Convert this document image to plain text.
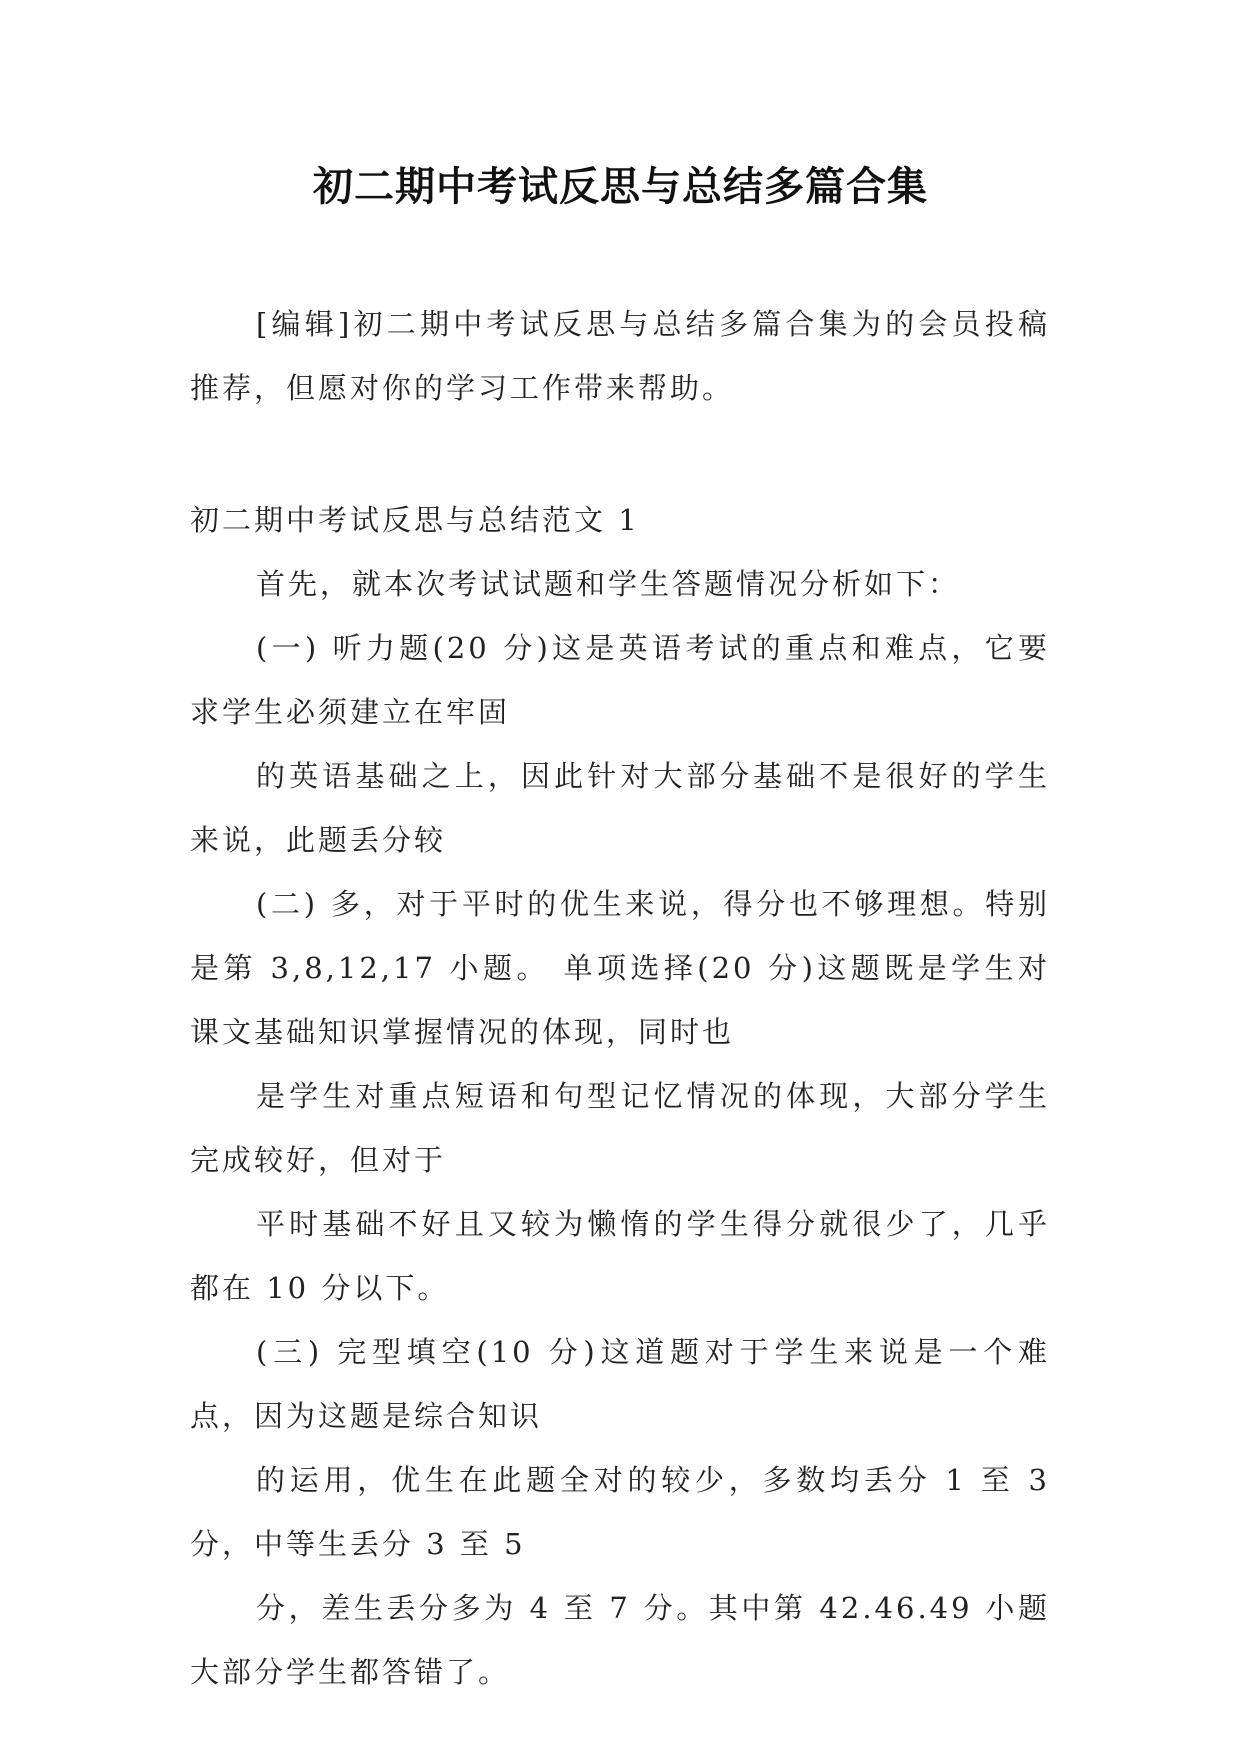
初二期中考试反思与总结多篇合集

[编辑]初二期中考试反思与总结多篇合集为的会员投稿推荐，但愿对你的学习工作带来帮助。

初二期中考试反思与总结范文 1

首先，就本次考试试题和学生答题情况分析如下：

(一) 听力题(20 分)这是英语考试的重点和难点，它要求学生必须建立在牢固

的英语基础之上，因此针对大部分基础不是很好的学生来说，此题丢分较

(二) 多，对于平时的优生来说，得分也不够理想。特别是第 3,8,12,17 小题。 单项选择(20 分)这题既是学生对课文基础知识掌握情况的体现，同时也

是学生对重点短语和句型记忆情况的体现，大部分学生完成较好，但对于

平时基础不好且又较为懒惰的学生得分就很少了，几乎都在 10 分以下。

(三) 完型填空(10 分)这道题对于学生来说是一个难点，因为这题是综合知识

的运用，优生在此题全对的较少，多数均丢分 1 至 3 分，中等生丢分 3 至 5

分，差生丢分多为 4 至 7 分。其中第 42.46.49 小题大部分学生都答错了。
